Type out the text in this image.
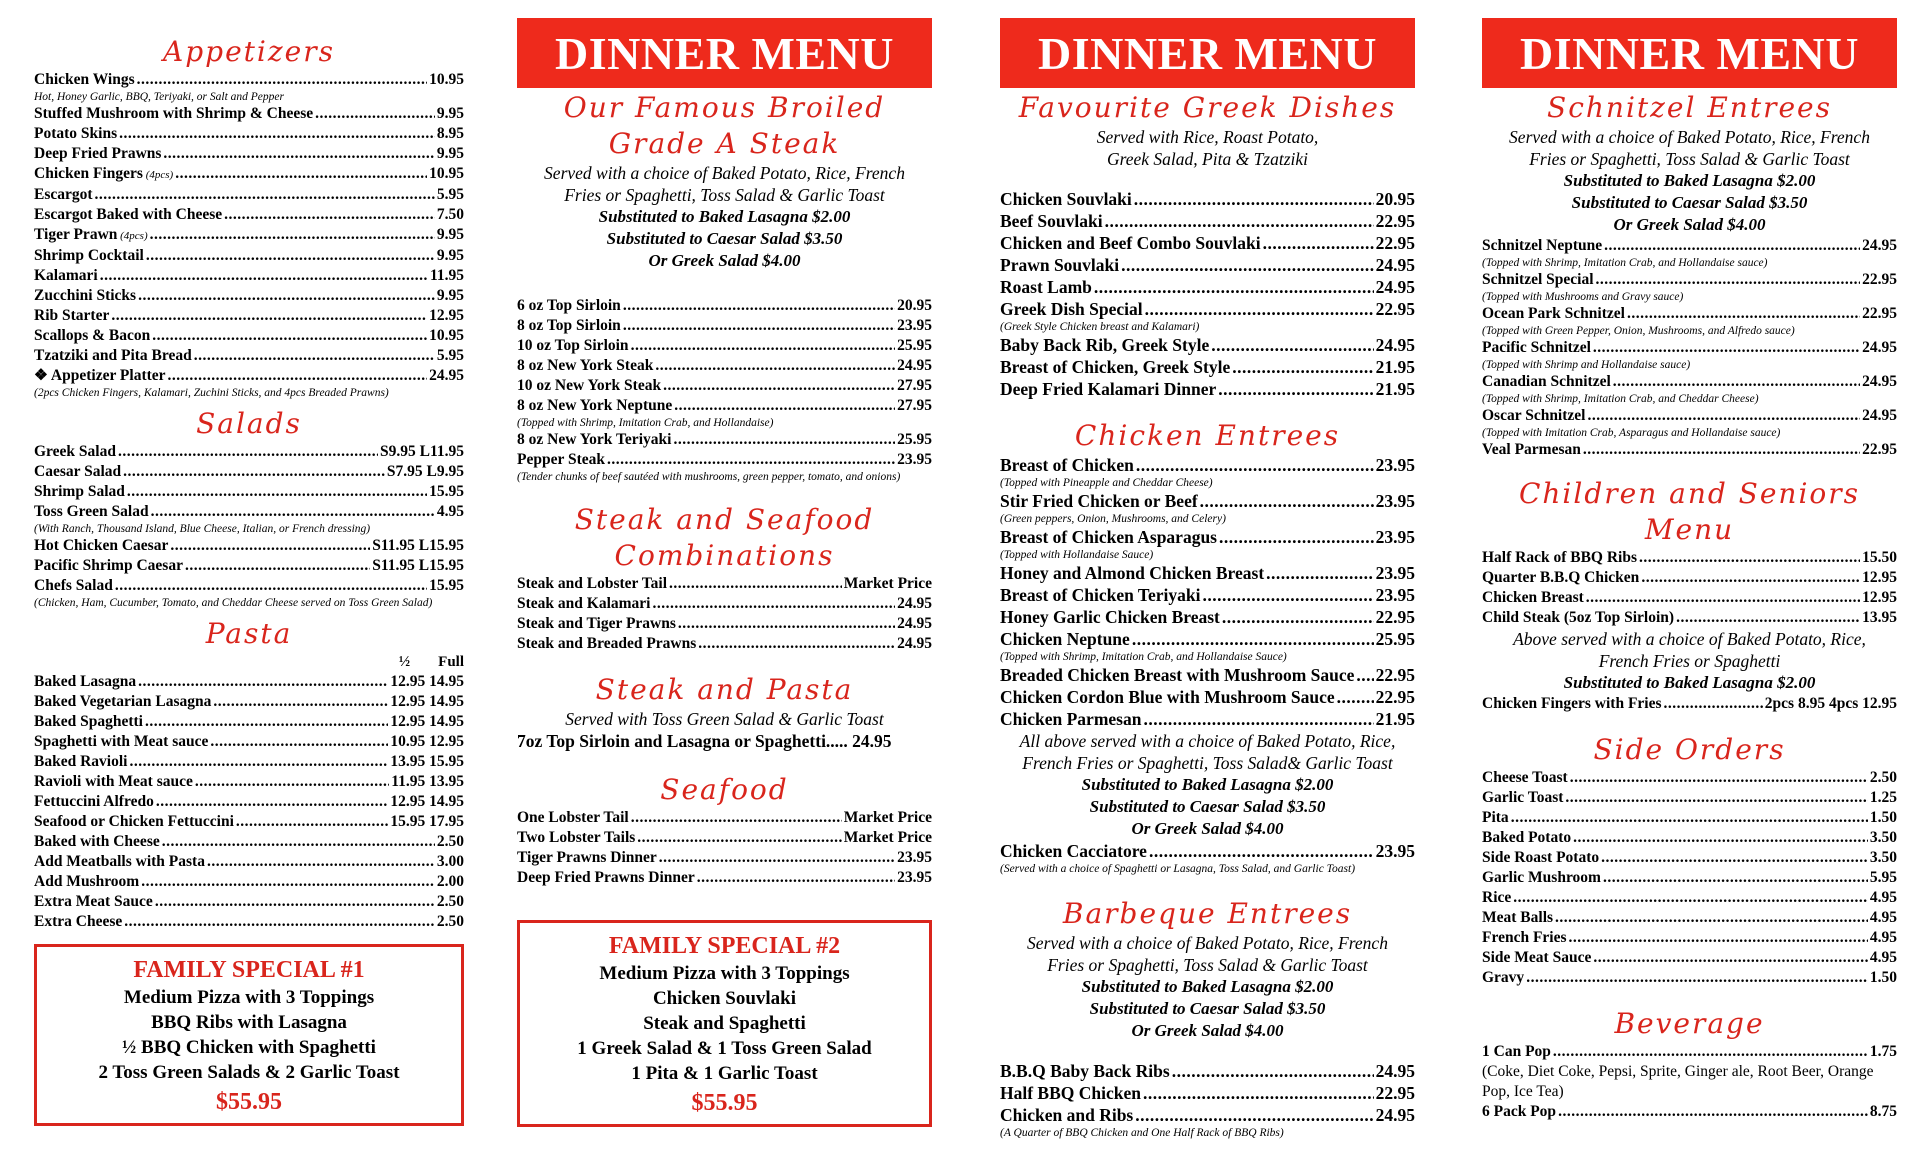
Appetizers
Chicken Wings .....	10.95
Hot, Honey Garlic, BBQ, Teriyaki, or Salt and Pepper
Stuffed Mushroom with Shrimp & Cheese .....	9.95
Potato Skins .....	8.95
Deep Fried Prawns .....	9.95
Chicken Fingers (4pcs) .....	10.95
Escargot .....	5.95
Escargot Baked with Cheese .....	7.50
Tiger Prawn (4pcs) .....	9.95
Shrimp Cocktail .....	9.95
Kalamari .....	11.95
Zucchini Sticks .....	9.95
Rib Starter .....	12.95
Scallops & Bacon .....	10.95
Tzatziki and Pita Bread .....	5.95
❖ Appetizer Platter .....	24.95
(2pcs Chicken Fingers, Kalamari, Zuchini Sticks, and 4pcs Breaded Prawns)
Salads
Greek Salad .....	S9.95 L11.95
Caesar Salad .....	S7.95 L9.95
Shrimp Salad .....	15.95
Toss Green Salad .....	4.95
(With Ranch, Thousand Island, Blue Cheese, Italian, or French dressing)
Hot Chicken Caesar .....	S11.95 L15.95
Pacific Shrimp Caesar .....	S11.95 L15.95
Chefs Salad .....	15.95
(Chicken, Ham, Cucumber, Tomato, and Cheddar Cheese served on Toss Green Salad)
Pasta
½ Full
Baked Lasagna .....	12.95 14.95
Baked Vegetarian Lasagna .....	12.95 14.95
Baked Spaghetti .....	12.95 14.95
Spaghetti with Meat sauce .....	10.95 12.95
Baked Ravioli .....	13.95 15.95
Ravioli with Meat sauce .....	11.95 13.95
Fettuccini Alfredo .....	12.95 14.95
Seafood or Chicken Fettuccini .....	15.95 17.95
Baked with Cheese .....	2.50
Add Meatballs with Pasta .....	3.00
Add Mushroom .....	2.00
Extra Meat Sauce .....	2.50
Extra Cheese .....	2.50
FAMILY SPECIAL #1
Medium Pizza with 3 Toppings
BBQ Ribs with Lasagna
½ BBQ Chicken with Spaghetti
2 Toss Green Salads & 2 Garlic Toast
$55.95
DINNER MENU
Our Famous Broiled
Grade A Steak
Served with a choice of Baked Potato, Rice, French
Fries or Spaghetti, Toss Salad & Garlic Toast
Substituted to Baked Lasagna $2.00
Substituted to Caesar Salad $3.50
Or Greek Salad $4.00
6 oz Top Sirloin .....	20.95
8 oz Top Sirloin .....	23.95
10 oz Top Sirloin .....	25.95
8 oz New York Steak .....	24.95
10 oz New York Steak .....	27.95
8 oz New York Neptune .....	27.95
(Topped with Shrimp, Imitation Crab, and Hollandaise)
8 oz New York Teriyaki .....	25.95
Pepper Steak .....	23.95
(Tender chunks of beef sautéed with mushrooms, green pepper, tomato, and onions)
Steak and Seafood
Combinations
Steak and Lobster Tail .....	Market Price
Steak and Kalamari .....	24.95
Steak and Tiger Prawns .....	24.95
Steak and Breaded Prawns .....	24.95
Steak and Pasta
Served with Toss Green Salad & Garlic Toast
7oz Top Sirloin and Lasagna or Spaghetti..... 24.95
Seafood
One Lobster Tail .....	Market Price
Two Lobster Tails .....	Market Price
Tiger Prawns Dinner .....	23.95
Deep Fried Prawns Dinner .....	23.95
FAMILY SPECIAL #2
Medium Pizza with 3 Toppings
Chicken Souvlaki
Steak and Spaghetti
1 Greek Salad & 1 Toss Green Salad
1 Pita & 1 Garlic Toast
$55.95
DINNER MENU
Favourite Greek Dishes
Served with Rice, Roast Potato,
Greek Salad, Pita & Tzatziki
Chicken Souvlaki .....	20.95
Beef Souvlaki .....	22.95
Chicken and Beef Combo Souvlaki .....	22.95
Prawn Souvlaki .....	24.95
Roast Lamb .....	24.95
Greek Dish Special .....	22.95
(Greek Style Chicken breast and Kalamari)
Baby Back Rib, Greek Style .....	24.95
Breast of Chicken, Greek Style .....	21.95
Deep Fried Kalamari Dinner .....	21.95
Chicken Entrees
Breast of Chicken .....	23.95
(Topped with Pineapple and Cheddar Cheese)
Stir Fried Chicken or Beef .....	23.95
(Green peppers, Onion, Mushrooms, and Celery)
Breast of Chicken Asparagus .....	23.95
(Topped with Hollandaise Sauce)
Honey and Almond Chicken Breast .....	23.95
Breast of Chicken Teriyaki .....	23.95
Honey Garlic Chicken Breast .....	22.95
Chicken Neptune .....	25.95
(Topped with Shrimp, Imitation Crab, and Hollandaise Sauce)
Breaded Chicken Breast with Mushroom Sauce ..... 22.95
Chicken Cordon Blue with Mushroom Sauce ..... 22.95
Chicken Parmesan .....	21.95
All above served with a choice of Baked Potato, Rice,
French Fries or Spaghetti, Toss Salad& Garlic Toast
Substituted to Baked Lasagna $2.00
Substituted to Caesar Salad $3.50
Or Greek Salad $4.00
Chicken Cacciatore .....	23.95
(Served with a choice of Spaghetti or Lasagna, Toss Salad, and Garlic Toast)
Barbeque Entrees
Served with a choice of Baked Potato, Rice, French
Fries or Spaghetti, Toss Salad & Garlic Toast
Substituted to Baked Lasagna $2.00
Substituted to Caesar Salad $3.50
Or Greek Salad $4.00
B.B.Q Baby Back Ribs .....	24.95
Half BBQ Chicken .....	22.95
Chicken and Ribs .....	24.95
(A Quarter of BBQ Chicken and One Half Rack of BBQ Ribs)
DINNER MENU
Schnitzel Entrees
Served with a choice of Baked Potato, Rice, French
Fries or Spaghetti, Toss Salad & Garlic Toast
Substituted to Baked Lasagna $2.00
Substituted to Caesar Salad $3.50
Or Greek Salad $4.00
Schnitzel Neptune .....	24.95
(Topped with Shrimp, Imitation Crab, and Hollandaise sauce)
Schnitzel Special .....	22.95
(Topped with Mushrooms and Gravy sauce)
Ocean Park Schnitzel .....	22.95
(Topped with Green Pepper, Onion, Mushrooms, and Alfredo sauce)
Pacific Schnitzel .....	24.95
(Topped with Shrimp and Hollandaise sauce)
Canadian Schnitzel .....	24.95
(Topped with Shrimp, Imitation Crab, and Cheddar Cheese)
Oscar Schnitzel .....	24.95
(Topped with Imitation Crab, Asparagus and Hollandaise sauce)
Veal Parmesan .....	22.95
Children and Seniors
Menu
Half Rack of BBQ Ribs .....	15.50
Quarter B.B.Q Chicken .....	12.95
Chicken Breast .....	12.95
Child Steak (5oz Top Sirloin) .....	13.95
Above served with a choice of Baked Potato, Rice,
French Fries or Spaghetti
Substituted to Baked Lasagna $2.00
Chicken Fingers with Fries .....	2pcs 8.95 4pcs 12.95
Side Orders
Cheese Toast .....	2.50
Garlic Toast .....	1.25
Pita .....	1.50
Baked Potato .....	3.50
Side Roast Potato .....	3.50
Garlic Mushroom .....	5.95
Rice .....	4.95
Meat Balls .....	4.95
French Fries .....	4.95
Side Meat Sauce .....	4.95
Gravy .....	1.50
Beverage
1 Can Pop .....	1.75
(Coke, Diet Coke, Pepsi, Sprite, Ginger ale, Root Beer, Orange Pop, Ice Tea)
6 Pack Pop .....	8.75
